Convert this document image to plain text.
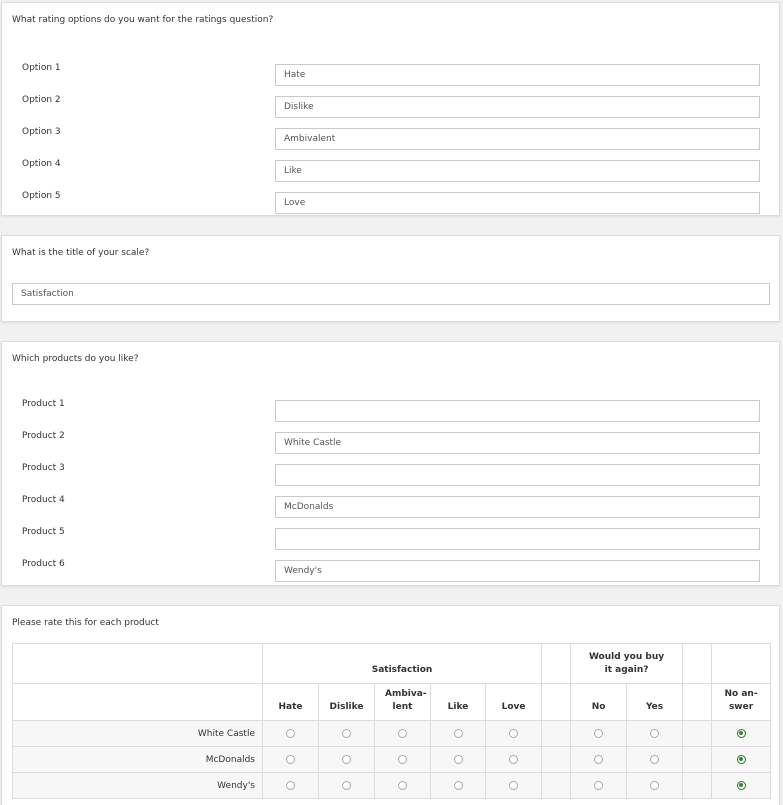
What rating options do you want for the ratings question?
Option 1
Hate
Option 2
Dislike
Option 3
Ambivalent
Option 4
Like
Option 5
Love
What is the title of your scale?
Satisfaction
Which products do you like?
Product 1
Product 2
White Castle
Product 3
Product 4
McDonalds
Product 5
Product 6
Wendy's
Please rate this for each product
	Satisfaction						Would you buy it again?			
	Hate	Dislike	Ambiva-lent	Like	Love		No	Yes		No an-swer
White Castle										
McDonalds										
Wendy's										
